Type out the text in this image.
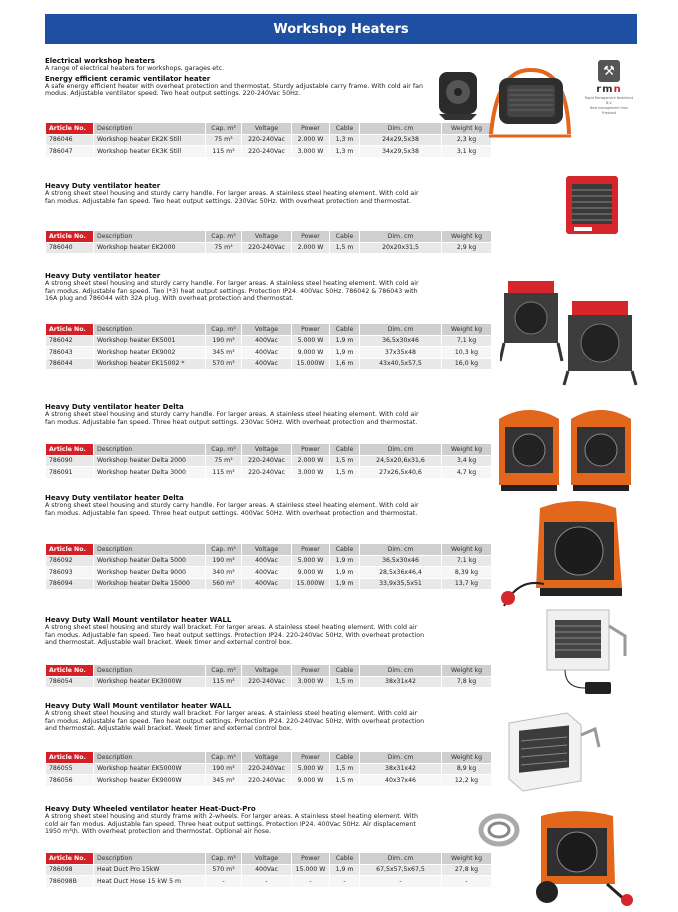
Workshop Heaters
⚒
rmn
Rapid Management Nederland B.V.
Best management from Friesland
Electrical workshop heaters
A range of electrical heaters for workshops, garages etc.
Energy efficient ceramic ventilator heater
A safe energy efficient heater with overheat protection and thermostat. Sturdy adjustable carry frame. With cold air fan modus. Adjustable ventilator speed. Two heat output settings. 220-240Vac 50Hz.
Article No.	Description	Cap. m³	Voltage	Power	Cable	Dim. cm	Weight kg
786046	Workshop heater EK2K Still	75 m³	220-240Vac	2.000 W	1,3 m	24x29,5x38	2,3 kg
786047	Workshop heater EK3K Still	115 m³	220-240Vac	3.000 W	1,3 m	34x29,5x38	3,1 kg
Heavy Duty ventilator heater
A strong sheet steel housing and sturdy carry handle. For larger areas. A stainless steel heating element. With cold air fan modus. Adjustable fan speed. Two heat output settings. 230Vac 50Hz. With overheat protection and thermostat.
Article No.	Description	Cap. m³	Voltage	Power	Cable	Dim. cm	Weight kg
786040	Workshop heater EK2000	75 m³	220-240Vac	2.000 W	1,5 m	20x20x31,5	2,9 kg
Heavy Duty ventilator heater
A strong sheet steel housing and sturdy carry handle. For larger areas. A stainless steel heating element. With cold air fan modus. Adjustable fan speed. Two (*3) heat output settings. Protection IP24. 400Vac 50Hz. 786042 & 786043 with 16A plug and 786044 with 32A plug. With overheat protection and thermostat.
Article No.	Description	Cap. m³	Voltage	Power	Cable	Dim. cm	Weight kg
786042	Workshop heater EK5001	190 m³	400Vac	5.000 W	1,9 m	36,5x30x46	7,1 kg
786043	Workshop heater EK9002	345 m³	400Vac	9.000 W	1,9 m	37x35x48	10,3 kg
786044	Workshop heater EK15002 *	570 m³	400Vac	15.000W	1,6 m	43x40,5x57,5	16,0 kg
Heavy Duty ventilator heater Delta
A strong sheet steel housing and sturdy carry handle. For larger areas. A stainless steel heating element. With cold air fan modus. Adjustable fan speed. Three heat output settings. 230Vac 50Hz. With overheat protection and thermostat.
Article No.	Description	Cap. m³	Voltage	Power	Cable	Dim. cm	Weight kg
786090	Workshop heater Delta 2000	75 m³	220-240Vac	2.000 W	1,5 m	24,5x20,6x31,6	3,4 kg
786091	Workshop heater Delta 3000	115 m³	220-240Vac	3.000 W	1,5 m	27x26,5x40,6	4,7 kg
Heavy Duty ventilator heater Delta
A strong sheet steel housing and sturdy carry handle. For larger areas. A stainless steel heating element. With cold air fan modus. Adjustable fan speed. Three heat output settings. 400Vac 50Hz. With overheat protection and thermostat.
Article No.	Description	Cap. m³	Voltage	Power	Cable	Dim. cm	Weight kg
786092	Workshop heater Delta 5000	190 m³	400Vac	5.000 W	1,9 m	36,5x30x46	7,1 kg
786093	Workshop heater Delta 9000	340 m³	400Vac	9.000 W	1,9 m	28,5x36x46,4	8,39 kg
786094	Workshop heater Delta 15000	560 m³	400Vac	15.000W	1,9 m	33,9x35,5x51	13,7 kg
Heavy Duty Wall Mount ventilator heater WALL
A strong sheet steel housing and sturdy wall bracket. For larger areas. A stainless steel heating element. With cold air fan modus. Adjustable fan speed. Two heat output settings. Protection IP24. 220-240Vac 50Hz. With overheat protection and thermostat. Adjustable wall bracket. Week timer and external control box.
Article No.	Description	Cap. m³	Voltage	Power	Cable	Dim. cm	Weight kg
786054	Workshop heater EK3000W	115 m³	220-240Vac	3.000 W	1,5 m	38x31x42	7,8 kg
Heavy Duty Wall Mount ventilator heater WALL
A strong sheet steel housing and sturdy wall bracket. For larger areas. A stainless steel heating element. With cold air fan modus. Adjustable fan speed. Two heat output settings. Protection IP24. 220-240Vac 50Hz. With overheat protection and thermostat. Adjustable wall bracket. Week timer and external control box.
Article No.	Description	Cap. m³	Voltage	Power	Cable	Dim. cm	Weight kg
786055	Workshop heater EK5000W	190 m³	220-240Vac	5.000 W	1,5 m	38x31x42	8,9 kg
786056	Workshop heater EK9000W	345 m³	220-240Vac	9.000 W	1,5 m	40x37x46	12,2 kg
Heavy Duty Wheeled ventilator heater Heat-Duct-Pro
A strong sheet steel housing and sturdy frame with 2-wheels. For larger areas. A stainless steel heating element. With cold air fan modus. Adjustable fan speed. Three heat output settings. Protection IP24. 400Vac 50Hz. Air displacement 1950 m³\h. With overheat protection and thermostat. Optional air hose.
Article No.	Description	Cap. m³	Voltage	Power	Cable	Dim. cm	Weight kg
786098	Heat Duct Pro 15kW	570 m³	400Vac	15.000 W	1,9 m	67,5x57,5x67,5	27,8 kg
786098B	Heat Duct Hose 15 kW 5 m	-	-	-	-	-	-
